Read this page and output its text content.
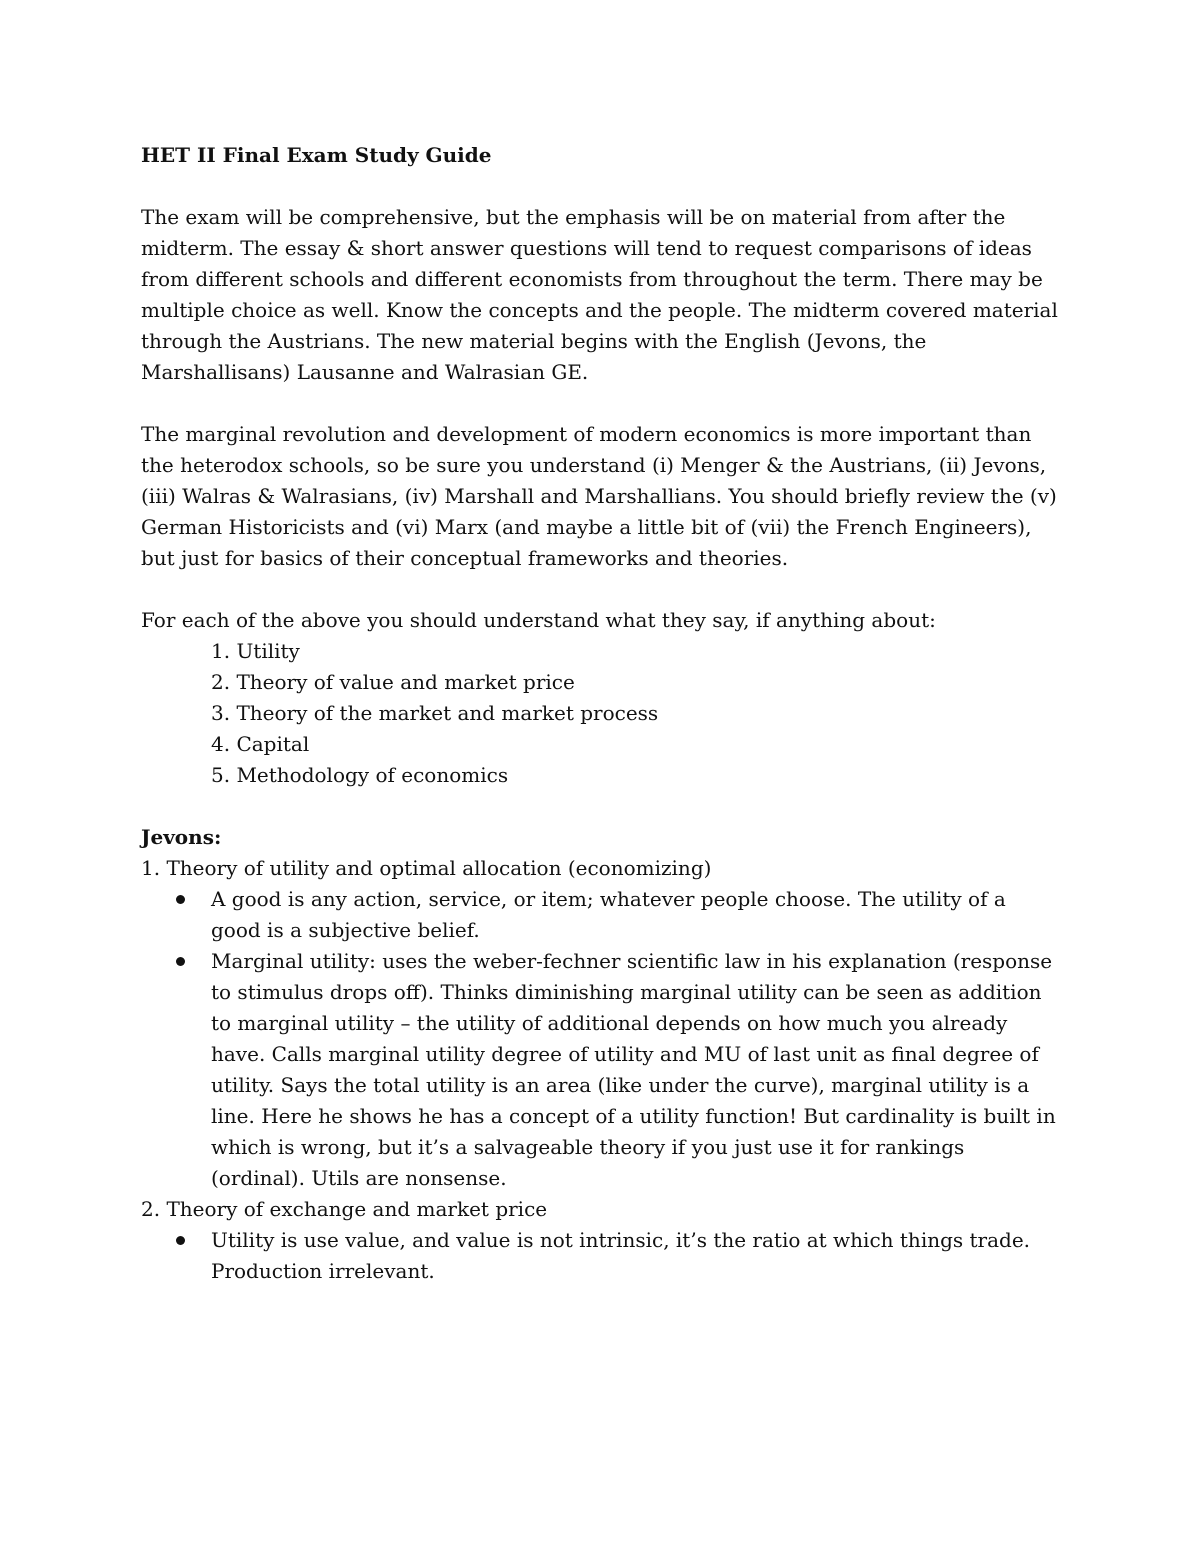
HET II Final Exam Study Guide

The exam will be comprehensive, but the emphasis will be on material from after the midterm. The essay & short answer questions will tend to request comparisons of ideas from different schools and different economists from throughout the term. There may be multiple choice as well. Know the concepts and the people. The midterm covered material through the Austrians. The new material begins with the English (Jevons, the Marshallisans) Lausanne and Walrasian GE.

The marginal revolution and development of modern economics is more important than the heterodox schools, so be sure you understand (i) Menger & the Austrians, (ii) Jevons, (iii) Walras & Walrasians, (iv) Marshall and Marshallians. You should briefly review the (v) German Historicists and (vi) Marx (and maybe a little bit of (vii) the French Engineers), but just for basics of their conceptual frameworks and theories.

For each of the above you should understand what they say, if anything about:
1. Utility
2. Theory of value and market price
3. Theory of the market and market process
4. Capital
5. Methodology of economics
Jevons:
1. Theory of utility and optimal allocation (economizing)
A good is any action, service, or item; whatever people choose. The utility of a good is a subjective belief.
Marginal utility: uses the weber-fechner scientific law in his explanation (response to stimulus drops off). Thinks diminishing marginal utility can be seen as addition to marginal utility – the utility of additional depends on how much you already have. Calls marginal utility degree of utility and MU of last unit as final degree of utility. Says the total utility is an area (like under the curve), marginal utility is a line. Here he shows he has a concept of a utility function! But cardinality is built in which is wrong, but it’s a salvageable theory if you just use it for rankings (ordinal). Utils are nonsense.
2. Theory of exchange and market price
Utility is use value, and value is not intrinsic, it’s the ratio at which things trade. Production irrelevant.
